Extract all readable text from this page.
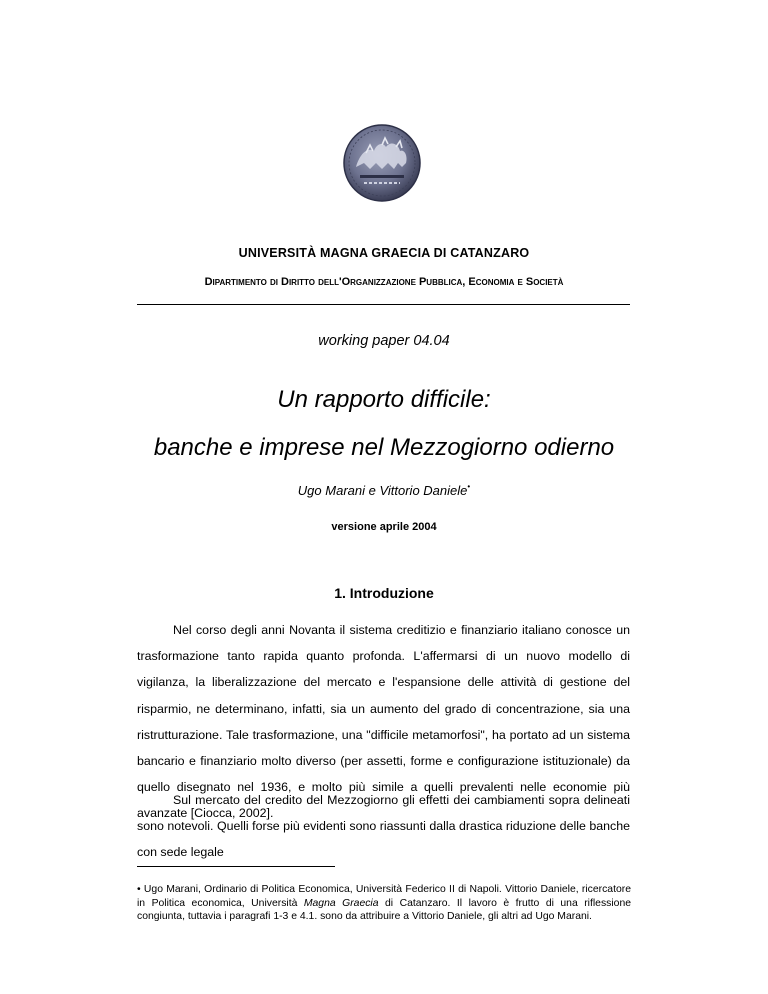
UNIVERSITÀ MAGNA GRAECIA DI CATANZARO
Dipartimento di Diritto dell'Organizzazione Pubblica, Economia e Società
working paper 04.04
Un rapporto difficile:
banche e imprese nel Mezzogiorno odierno
Ugo Marani e Vittorio Daniele•
versione aprile 2004
1. Introduzione
Nel corso degli anni Novanta il sistema creditizio e finanziario italiano conosce un trasformazione tanto rapida quanto profonda. L'affermarsi di un nuovo modello di vigilanza, la liberalizzazione del mercato e l'espansione delle attività di gestione del risparmio, ne determinano, infatti, sia un aumento del grado di concentrazione, sia una ristrutturazione. Tale trasformazione, una "difficile metamorfosi", ha portato ad un sistema bancario e finanziario molto diverso (per assetti, forme e configurazione istituzionale) da quello disegnato nel 1936, e molto più simile a quelli prevalenti nelle economie più avanzate [Ciocca, 2002].
Sul mercato del credito del Mezzogiorno gli effetti dei cambiamenti sopra delineati sono notevoli. Quelli forse più evidenti sono riassunti dalla drastica riduzione delle banche con sede legale
• Ugo Marani, Ordinario di Politica Economica, Università Federico II di Napoli. Vittorio Daniele, ricercatore in Politica economica, Università Magna Graecia di Catanzaro. Il lavoro è frutto di una riflessione congiunta, tuttavia i paragrafi 1-3 e 4.1. sono da attribuire a Vittorio Daniele, gli altri ad Ugo Marani.
